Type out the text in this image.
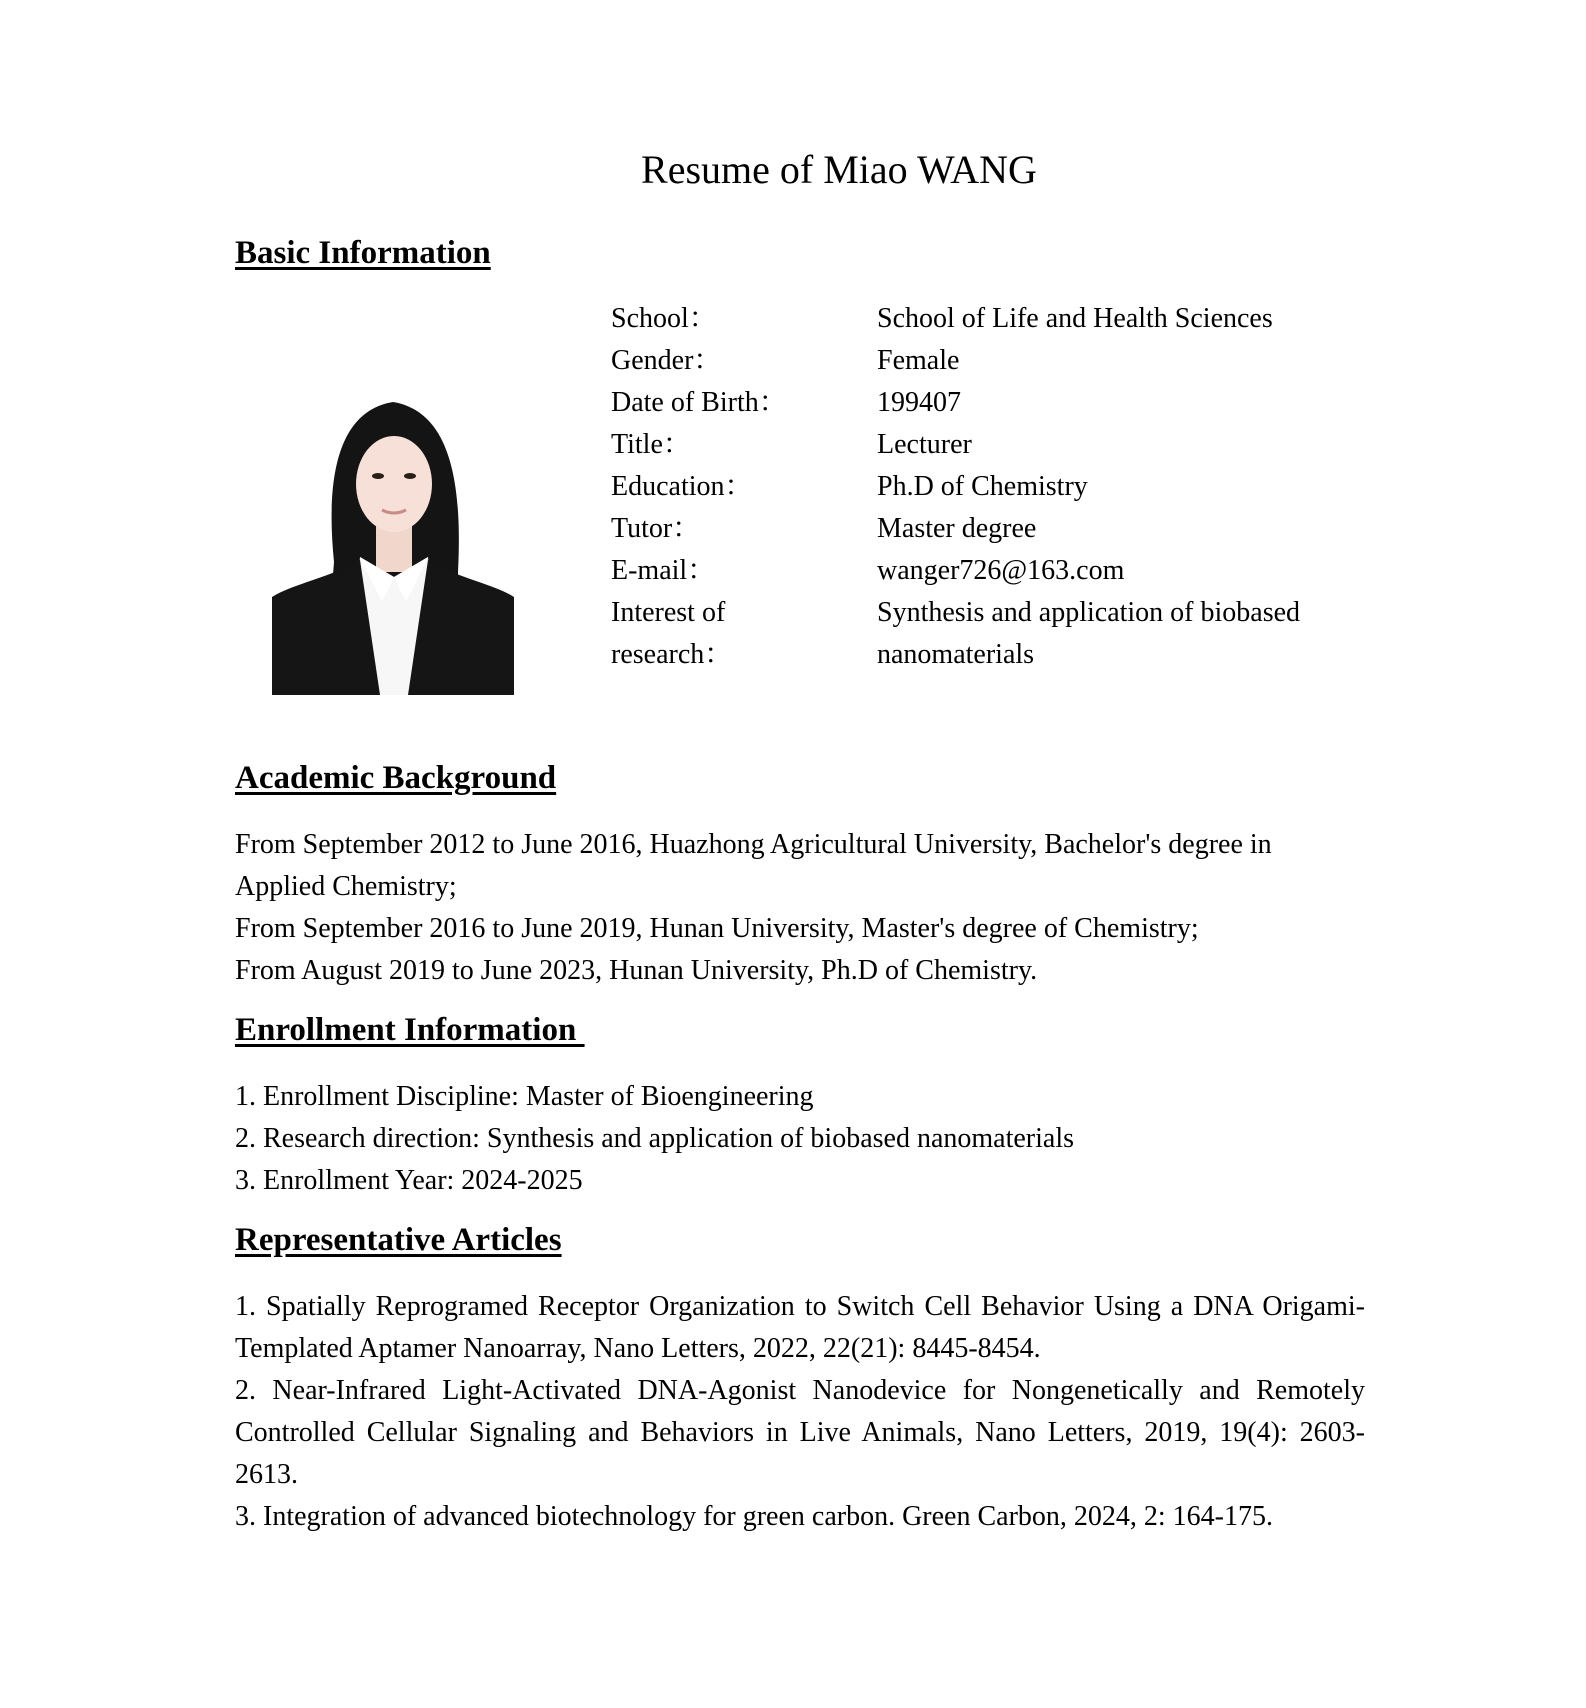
Resume of Miao WANG
Basic Information
School：	School of Life and Health Sciences
Gender：	Female
Date of Birth：	199407
Title：	Lecturer
Education：	Ph.D of Chemistry
Tutor：	Master degree
E-mail：	wanger726@163.com
Interest of research：
Synthesis and application of biobased nanomaterials
Academic Background
From September 2012 to June 2016, Huazhong Agricultural University, Bachelor's degree in Applied Chemistry;
From September 2016 to June 2019, Hunan University, Master's degree of Chemistry;
From August 2019 to June 2023, Hunan University, Ph.D of Chemistry.
Enrollment Information
1. Enrollment Discipline: Master of Bioengineering
2. Research direction: Synthesis and application of biobased nanomaterials
3. Enrollment Year: 2024-2025
Representative Articles
1. Spatially Reprogramed Receptor Organization to Switch Cell Behavior Using a DNA Origami-Templated Aptamer Nanoarray, Nano Letters, 2022, 22(21): 8445-8454.
2. Near-Infrared Light-Activated DNA-Agonist Nanodevice for Nongenetically and Remotely Controlled Cellular Signaling and Behaviors in Live Animals, Nano Letters, 2019, 19(4): 2603-2613.
3. Integration of advanced biotechnology for green carbon. Green Carbon, 2024, 2: 164-175.
